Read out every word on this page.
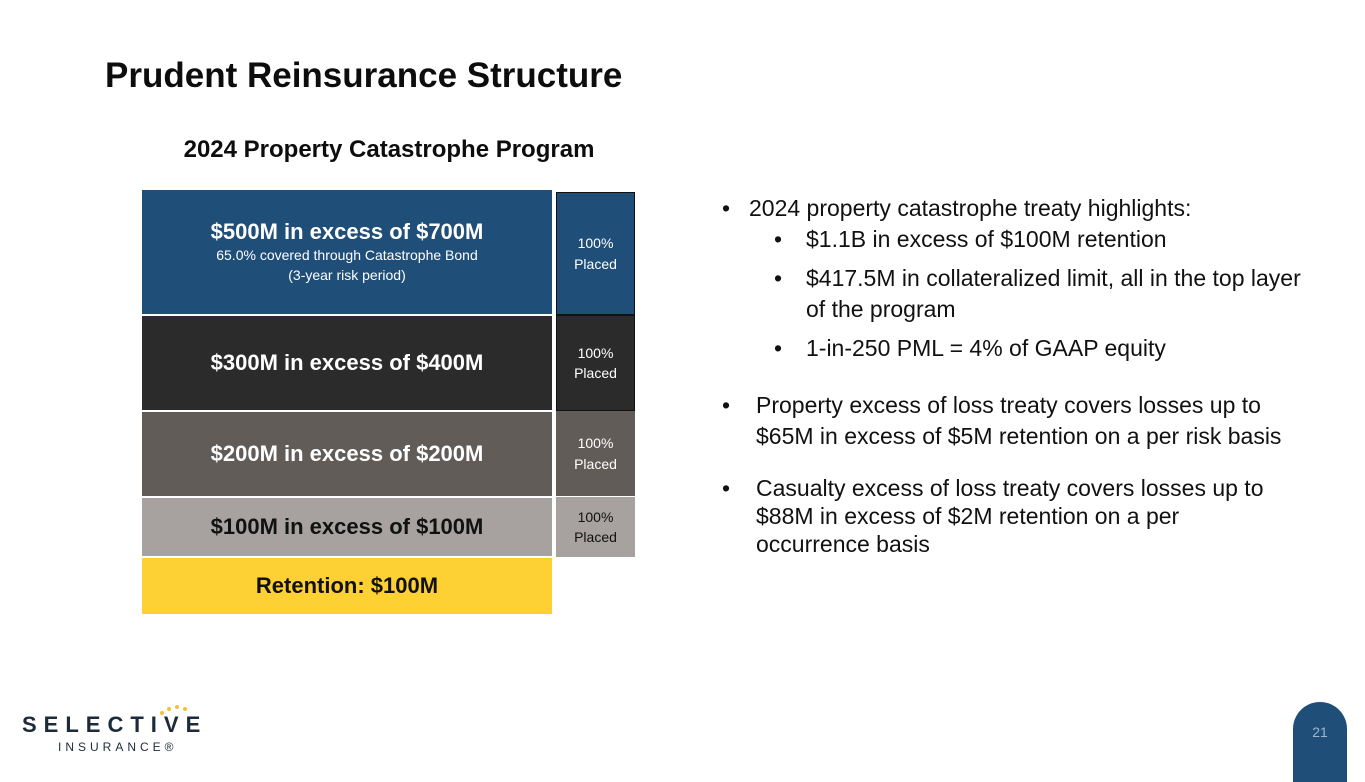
Prudent Reinsurance Structure
2024 Property Catastrophe Program
$500M in excess of $700M
65.0% covered through Catastrophe Bond
(3-year risk period)
100%
Placed
$300M in excess of $400M	100%
Placed
$200M in excess of $200M	100%
Placed
$100M in excess of $100M	100%
Placed
Retention: $100M
• 2024 property catastrophe treaty highlights:
• $1.1B in excess of $100M retention
• $417.5M in collateralized limit, all in the top layer of the program
• 1-in-250 PML = 4% of GAAP equity
• Property excess of loss treaty covers losses up to $65M in excess of $5M retention on a per risk basis
• Casualty excess of loss treaty covers losses up to $88M in excess of $2M retention on a per occurrence basis
SELECTIVE
INSURANCE®
21
